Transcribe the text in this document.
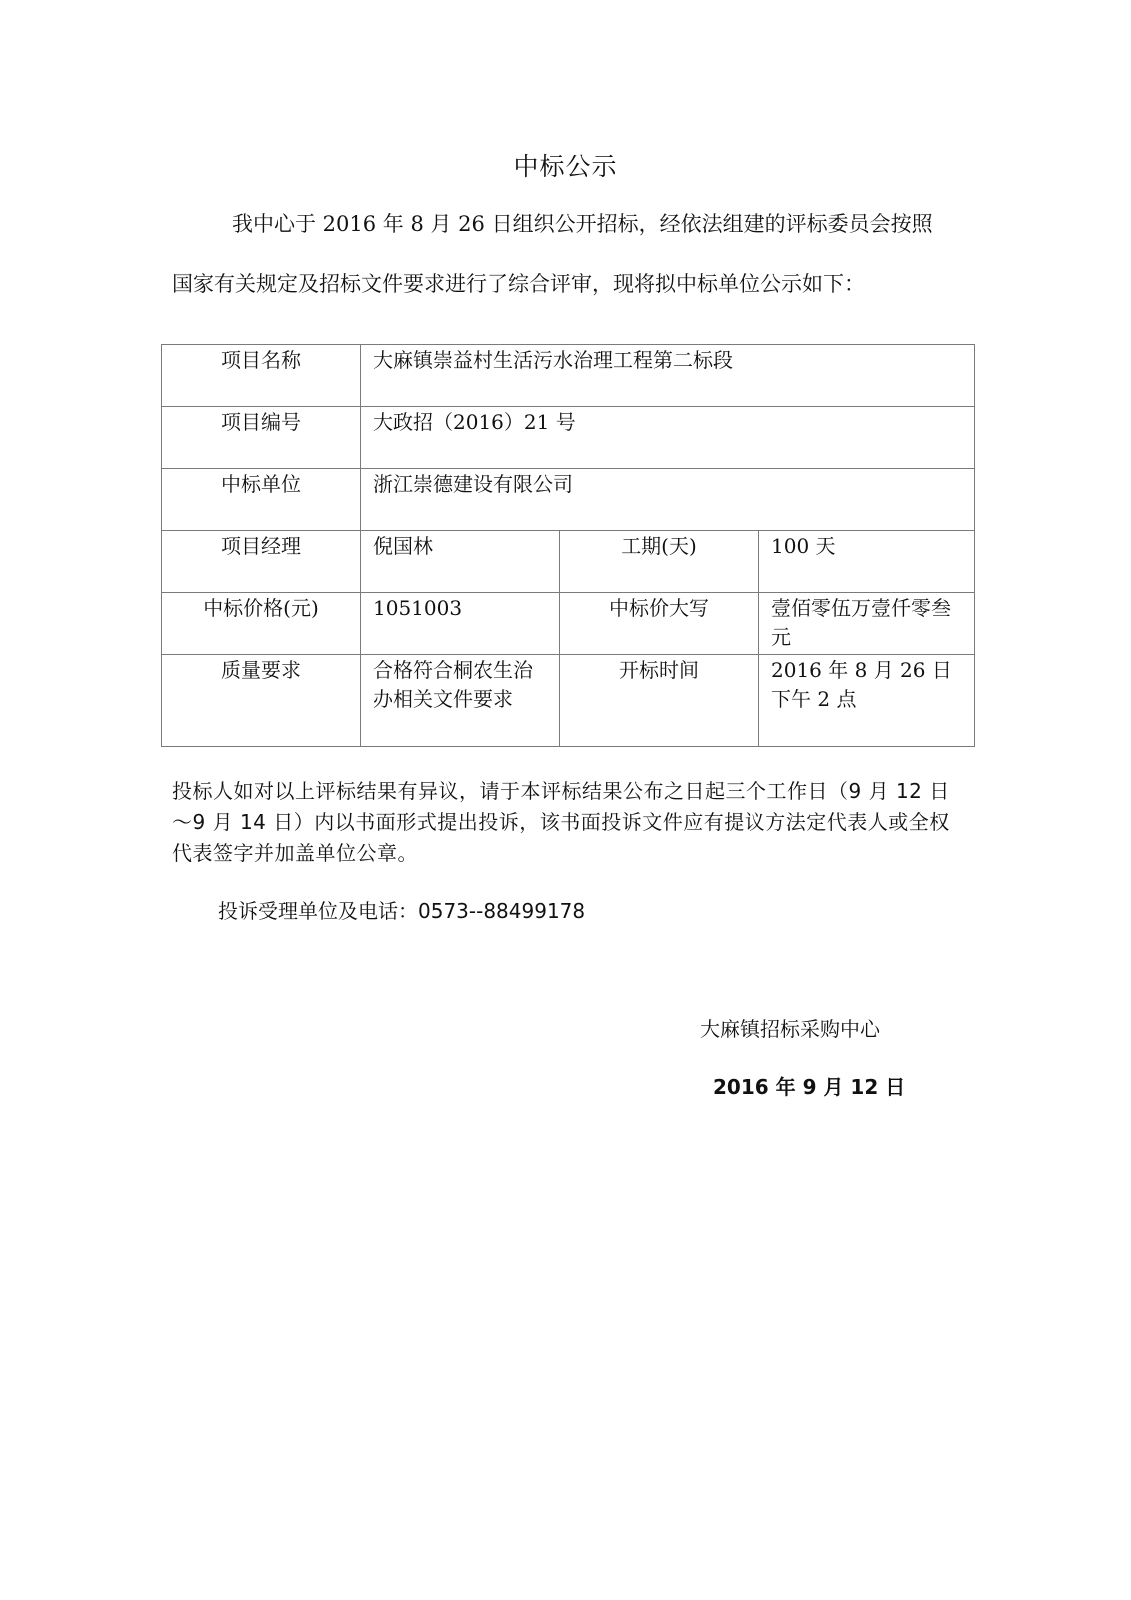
中标公示
我中心于 2016 年 8 月 26 日组织公开招标，经依法组建的评标委员会按照
国家有关规定及招标文件要求进行了综合评审，现将拟中标单位公示如下：
项目名称	大麻镇崇益村生活污水治理工程第二标段		
项目编号	大政招（2016）21 号		
中标单位	浙江崇德建设有限公司		
项目经理	倪国林	工期(天)	100 天
中标价格(元)	1051003	中标价大写	壹佰零伍万壹仟零叁元
质量要求	合格符合桐农生治办相关文件要求	开标时间	2016 年 8 月 26 日下午 2 点
投标人如对以上评标结果有异议，请于本评标结果公布之日起三个工作日（9 月 12 日～9 月 14 日）内以书面形式提出投诉，该书面投诉文件应有提议方法定代表人或全权代表签字并加盖单位公章。
投诉受理单位及电话：0573--88499178
大麻镇招标采购中心
2016 年 9 月 12 日
